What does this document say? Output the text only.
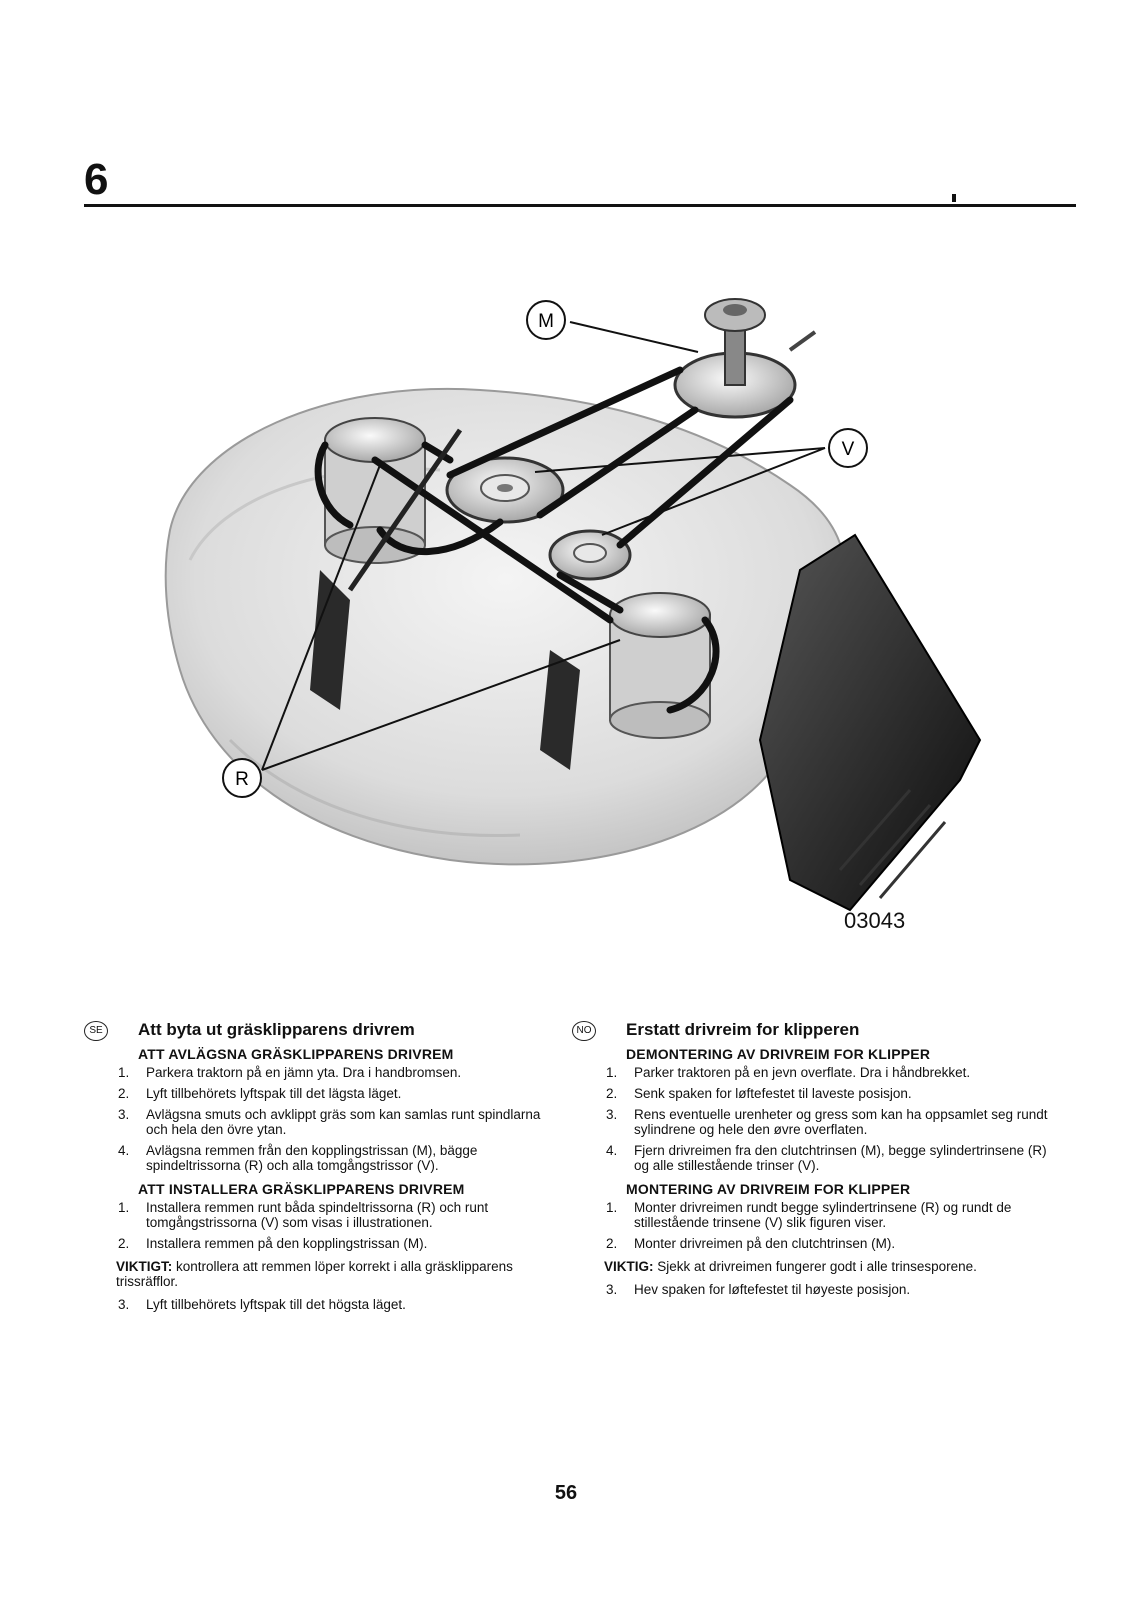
6
M
V
R
03043
SE	Att byta ut gräsklipparens drivrem
ATT AVLÄGSNA GRÄSKLIPPARENS DRIVREM
1. Parkera traktorn på en jämn yta. Dra i handbromsen.
2. Lyft tillbehörets lyftspak till det lägsta läget.
3. Avlägsna smuts och avklippt gräs som kan samlas runt spindlarna och hela den övre ytan.
4. Avlägsna remmen från den kopplingstrissan (M), bägge spindeltrissorna (R) och alla tomgångstrissor (V).
ATT INSTALLERA GRÄSKLIPPARENS DRIVREM
1. Installera remmen runt båda spindeltrissorna (R) och runt tomgångstrissorna (V) som visas i illustrationen.
2. Installera remmen på den kopplingstrissan (M).

VIKTIGT: kontrollera att remmen löper korrekt i alla gräsklipparens trissräfflor.

3. Lyft tillbehörets lyftspak till det högsta läget.
NO Erstatt drivreim for klipperen
DEMONTERING AV DRIVREIM FOR KLIPPER
1. Parker traktoren på en jevn overflate. Dra i håndbrekket.
2. Senk spaken for løftefestet til laveste posisjon.
3. Rens eventuelle urenheter og gress som kan ha oppsamlet seg rundt sylindrene og hele den øvre overflaten.
4. Fjern drivreimen fra den clutchtrinsen (M), begge sylindertrinsene (R) og alle stillestående trinser (V).
MONTERING AV DRIVREIM FOR KLIPPER
1. Monter drivreimen rundt begge sylindertrinsene (R) og rundt de stillestående trinsene (V) slik figuren viser.
2. Monter drivreimen på den clutchtrinsen (M).

VIKTIG: Sjekk at drivreimen fungerer godt i alle trinsesporene.

3. Hev spaken for løftefestet til høyeste posisjon.
56
